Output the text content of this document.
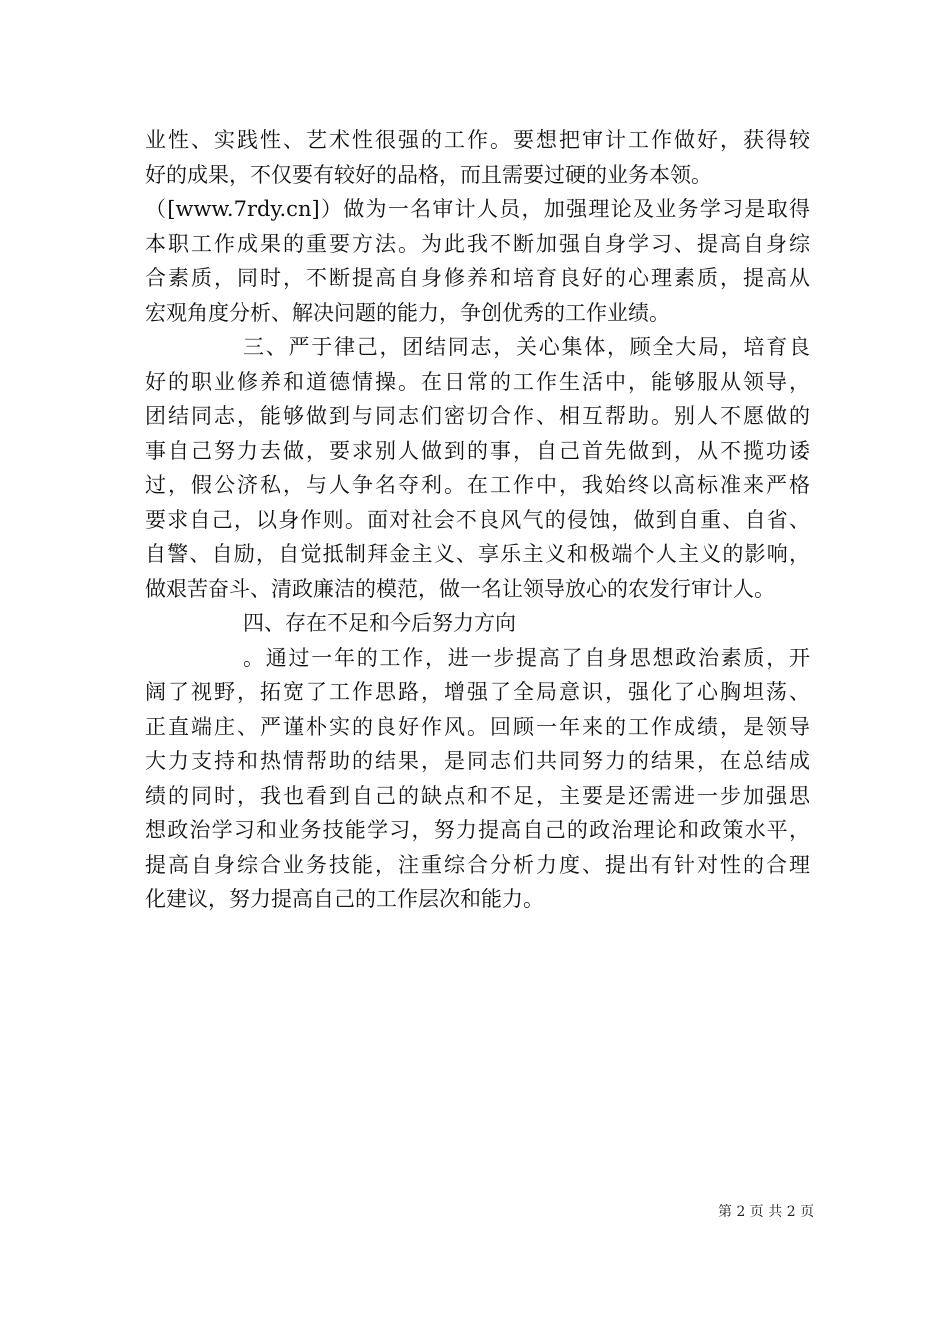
业性、实践性、艺术性很强的工作。要想把审计工作做好，获得较
好的成果，不仅要有较好的品格，而且需要过硬的业务本领。
（[www.7rdy.cn]）做为一名审计人员，加强理论及业务学习是取得
本职工作成果的重要方法。为此我不断加强自身学习、提高自身综
合素质，同时，不断提高自身修养和培育良好的心理素质，提高从
宏观角度分析、解决问题的能力，争创优秀的工作业绩。
三、严于律己，团结同志，关心集体，顾全大局，培育良
好的职业修养和道德情操。在日常的工作生活中，能够服从领导，
团结同志，能够做到与同志们密切合作、相互帮助。别人不愿做的
事自己努力去做，要求别人做到的事，自己首先做到，从不揽功诿
过，假公济私，与人争名夺利。在工作中，我始终以高标准来严格
要求自己，以身作则。面对社会不良风气的侵蚀，做到自重、自省、
自警、自励，自觉抵制拜金主义、享乐主义和极端个人主义的影响，
做艰苦奋斗、清政廉洁的模范，做一名让领导放心的农发行审计人。
四、存在不足和今后努力方向
。通过一年的工作，进一步提高了自身思想政治素质，开
阔了视野，拓宽了工作思路，增强了全局意识，强化了心胸坦荡、
正直端庄、严谨朴实的良好作风。回顾一年来的工作成绩，是领导
大力支持和热情帮助的结果，是同志们共同努力的结果，在总结成
绩的同时，我也看到自己的缺点和不足，主要是还需进一步加强思
想政治学习和业务技能学习，努力提高自己的政治理论和政策水平，
提高自身综合业务技能，注重综合分析力度、提出有针对性的合理
化建议，努力提高自己的工作层次和能力。
第 2 页 共 2 页
